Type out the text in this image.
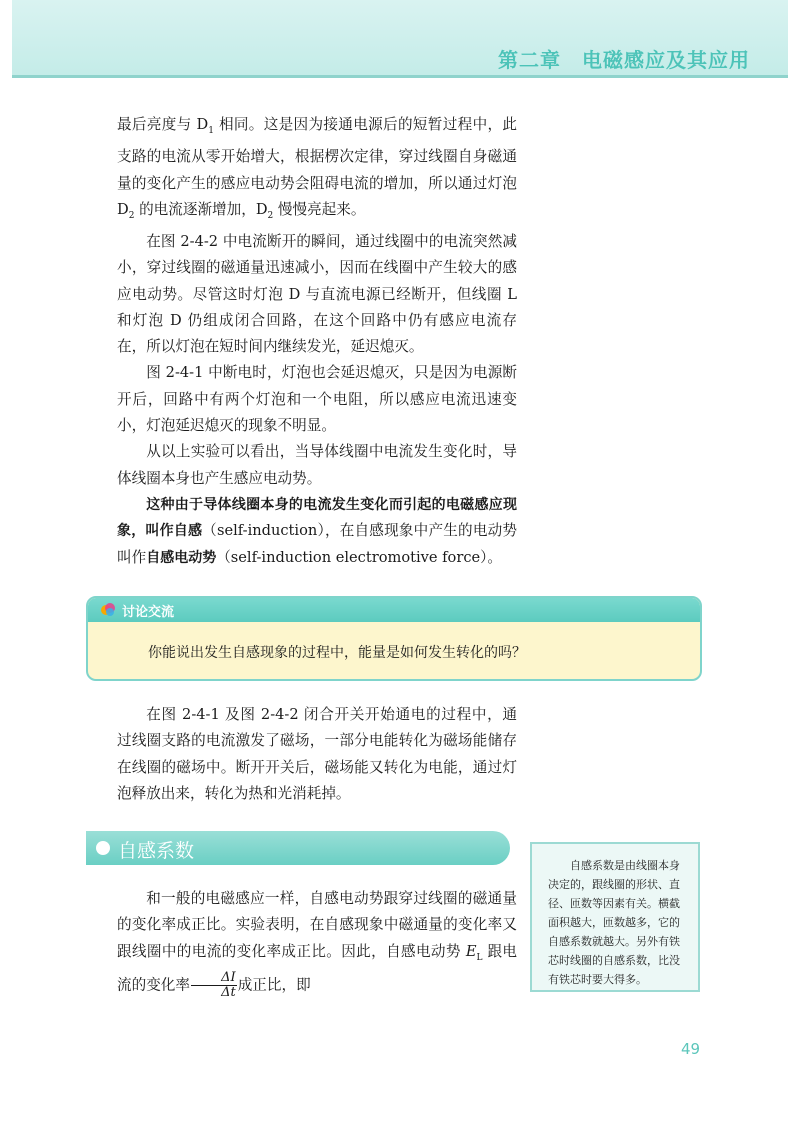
第二章　电磁感应及其应用

最后亮度与 $D_1$ 相同。这是因为接通电源后的短暂过程中，此支路的电流从零开始增大，根据楞次定律，穿过线圈自身磁通量的变化产生的感应电动势会阻碍电流的增加，所以通过灯泡 $D_2$ 的电流逐渐增加，$D_2$ 慢慢亮起来。

在图 2-4-2 中电流断开的瞬间，通过线圈中的电流突然减小，穿过线圈的磁通量迅速减小，因而在线圈中产生较大的感应电动势。尽管这时灯泡 D 与直流电源已经断开，但线圈 L 和灯泡 D 仍组成闭合回路，在这个回路中仍有感应电流存在，所以灯泡在短时间内继续发光，延迟熄灭。

图 2-4-1 中断电时，灯泡也会延迟熄灭，只是因为电源断开后，回路中有两个灯泡和一个电阻，所以感应电流迅速变小，灯泡延迟熄灭的现象不明显。

从以上实验可以看出，当导体线圈中电流发生变化时，导体线圈本身也产生感应电动势。

这种由于导体线圈本身的电流发生变化而引起的电磁感应现象，叫作自感（self-induction），在自感现象中产生的电动势叫作自感电动势（self-induction electromotive force）。

讨论交流
你能说出发生自感现象的过程中，能量是如何发生转化的吗？

在图 2-4-1 及图 2-4-2 闭合开关开始通电的过程中，通过线圈支路的电流激发了磁场，一部分电能转化为磁场能储存在线圈的磁场中。断开开关后，磁场能又转化为电能，通过灯泡释放出来，转化为热和光消耗掉。

自感系数

和一般的电磁感应一样，自感电动势跟穿过线圈的磁通量的变化率成正比。实验表明，在自感现象中磁通量的变化率又跟线圈中的电流的变化率成正比。因此，自感电动势 $E_L$ 跟电流的变化率 $\frac{\Delta I}{\Delta t}$ 成正比，即

自感系数是由线圈本身决定的，跟线圈的形状、直径、匝数等因素有关。横截面积越大，匝数越多，它的自感系数就越大。另外有铁芯时线圈的自感系数，比没有铁芯时要大得多。
49
